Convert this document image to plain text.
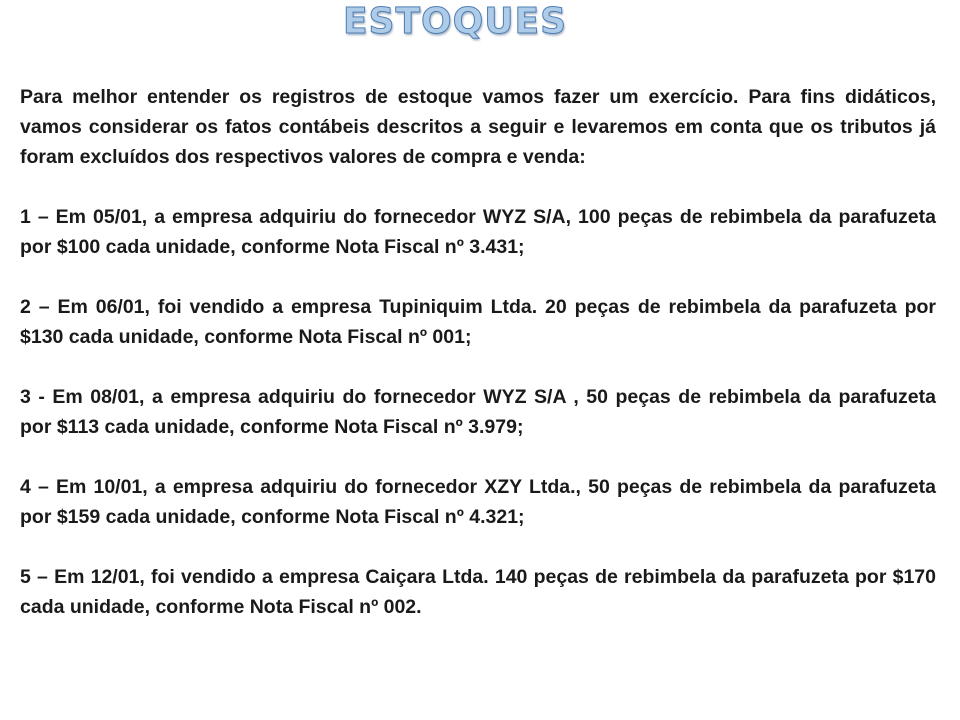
ESTOQUES

Para melhor entender os registros de estoque vamos fazer um exercício. Para fins didáticos, vamos considerar os fatos contábeis descritos a seguir e levaremos em conta que os tributos já foram excluídos dos respectivos valores de compra e venda:

1 – Em 05/01, a empresa adquiriu do fornecedor WYZ S/A, 100 peças de rebimbela da parafuzeta por $100 cada unidade, conforme Nota Fiscal nº 3.431;

2 – Em 06/01, foi vendido a empresa Tupiniquim Ltda. 20 peças de rebimbela da parafuzeta por $130 cada unidade, conforme Nota Fiscal nº 001;

3 - Em 08/01, a empresa adquiriu do fornecedor WYZ S/A , 50 peças de rebimbela da parafuzeta por $113 cada unidade, conforme Nota Fiscal nº 3.979;

4 – Em 10/01, a empresa adquiriu do fornecedor XZY Ltda., 50 peças de rebimbela da parafuzeta por $159 cada unidade, conforme Nota Fiscal nº 4.321;

5 – Em 12/01, foi vendido a empresa Caiçara Ltda. 140 peças de rebimbela da parafuzeta por $170 cada unidade, conforme Nota Fiscal nº 002.
